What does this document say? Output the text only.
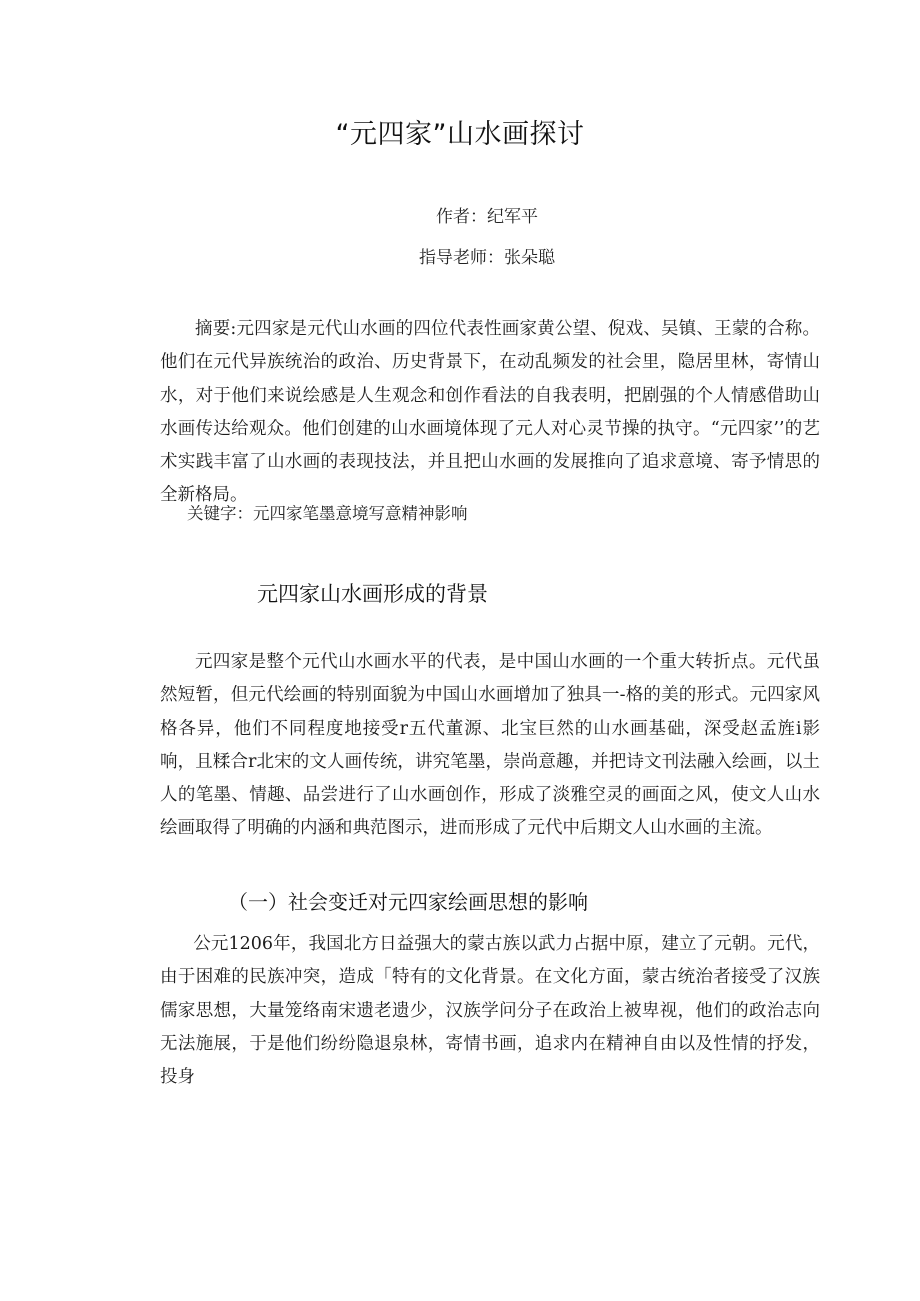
“元四家”山水画探讨
作者：纪军平
指导老师：张朵聪
摘要:元四家是元代山水画的四位代表性画家黄公望、倪戏、吴镇、王蒙的合称。他们在元代异族统治的政治、历史背景下，在动乱频发的社会里，隐居里林，寄情山水，对于他们来说绘感是人生观念和创作看法的自我表明，把剧强的个人情感借助山水画传达给观众。他们创建的山水画境体现了元人对心灵节操的执守。“元四家’’的艺术实践丰富了山水画的表现技法，并且把山水画的发展推向了追求意境、寄予情思的全新格局。
关键字：元四家笔墨意境写意精神影响
元四家山水画形成的背景
元四家是整个元代山水画水平的代表，是中国山水画的一个重大转折点。元代虽然短暂，但元代绘画的特别面貌为中国山水画增加了独具一-格的美的形式。元四家风格各异，他们不同程度地接受r五代董源、北宝巨然的山水画基础，深受赵孟旌i影响，且糅合r北宋的文人画传统，讲究笔墨，崇尚意趣，并把诗文刊法融入绘画，以土人的笔墨、情趣、品尝进行了山水画创作，形成了淡雅空灵的画面之风，使文人山水绘画取得了明确的内涵和典范图示，进而形成了元代中后期文人山水画的主流。
（一）社会变迁对元四家绘画思想的影响
公元1206年，我国北方日益强大的蒙古族以武力占据中原，建立了元朝。元代，由于困难的民族冲突，造成「特有的文化背景。在文化方面，蒙古统治者接受了汉族儒家思想，大量笼络南宋遗老遗少，汉族学问分子在政治上被卑视，他们的政治志向无法施展，于是他们纷纷隐退泉林，寄情书画，追求内在精神自由以及性情的抒发，投身
